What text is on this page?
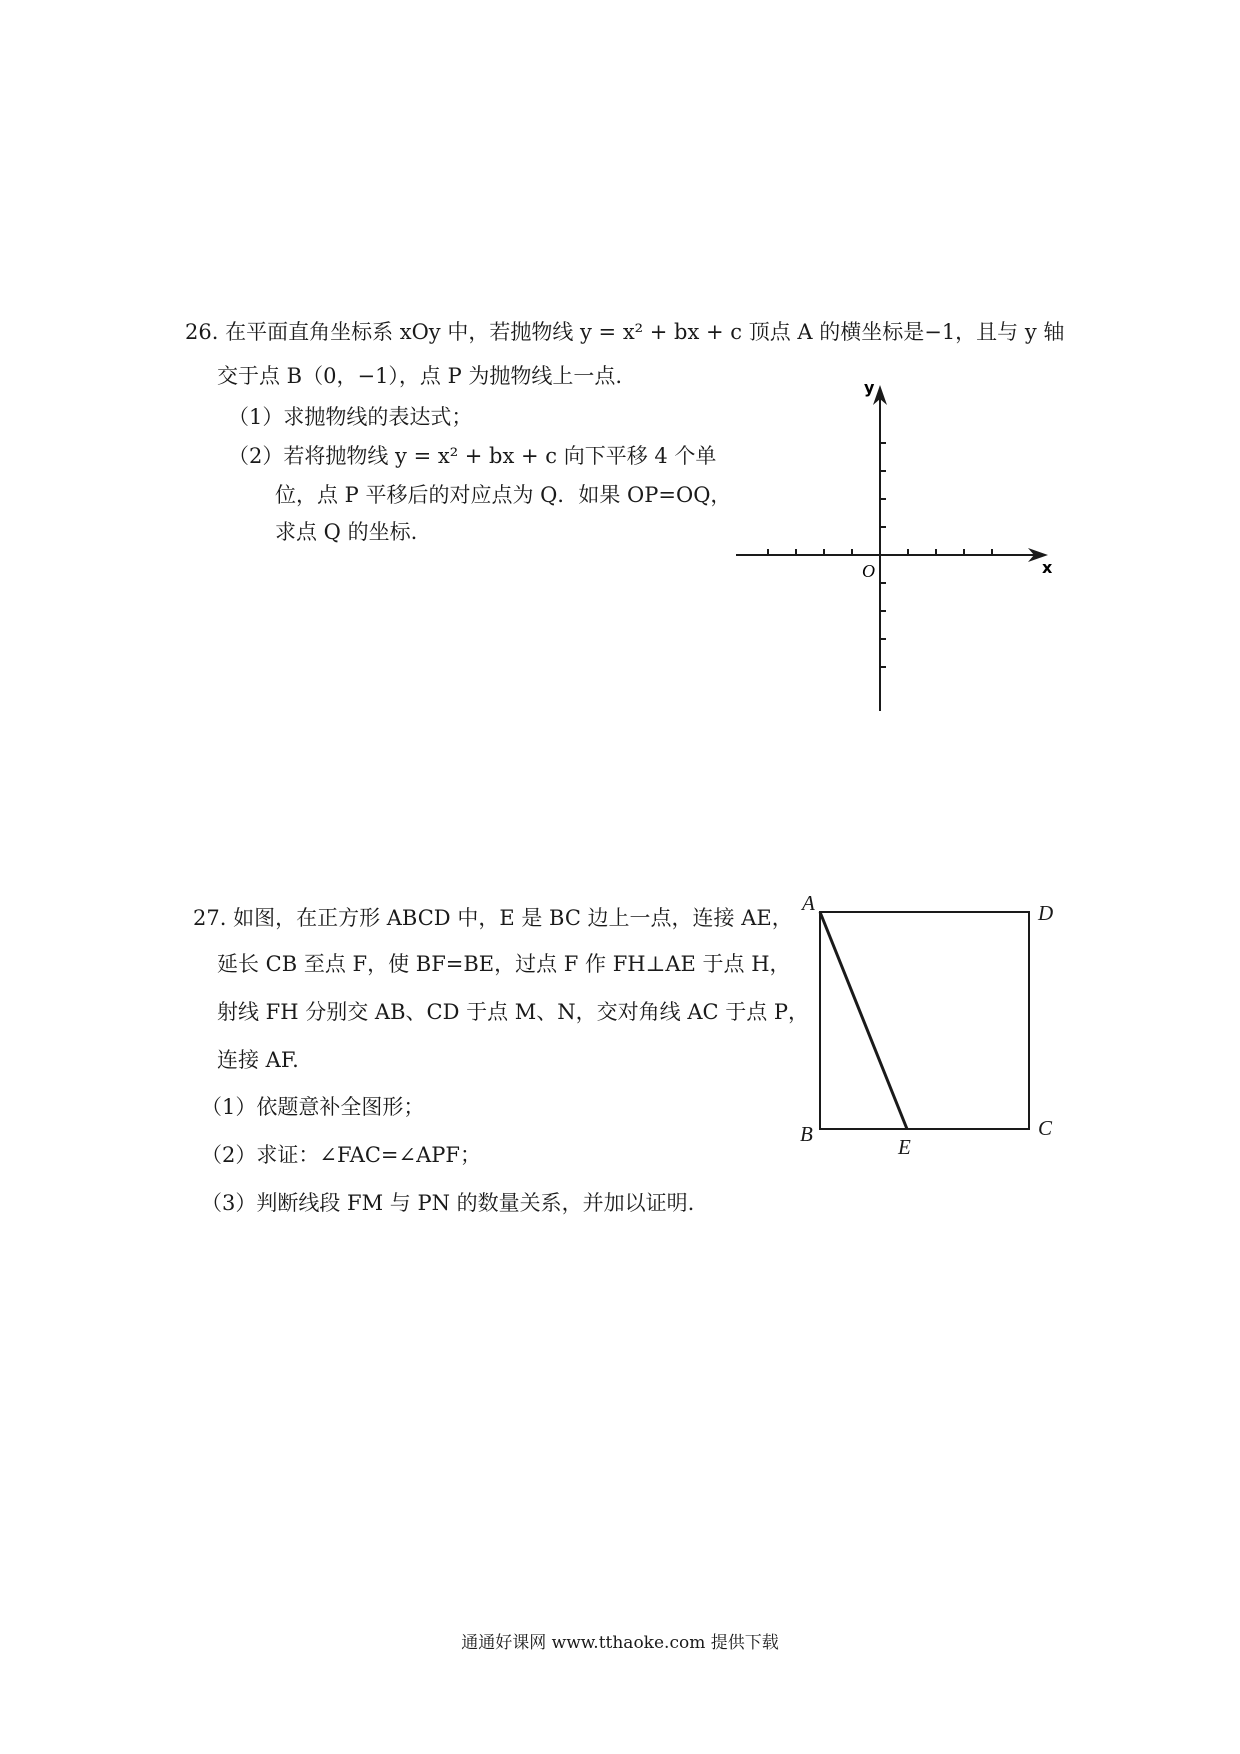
26. 在平面直角坐标系 xOy 中，若抛物线 y = x² + bx + c 顶点 A 的横坐标是−1，且与 y 轴
交于点 B（0，−1），点 P 为抛物线上一点.
（1）求抛物线的表达式；
（2）若将抛物线 y = x² + bx + c 向下平移 4 个单
位，点 P 平移后的对应点为 Q．如果 OP=OQ，
求点 Q 的坐标.
y
x
O
27. 如图，在正方形 ABCD 中，E 是 BC 边上一点，连接 AE，
延长 CB 至点 F，使 BF=BE，过点 F 作 FH⊥AE 于点 H，
射线 FH 分别交 AB、CD 于点 M、N，交对角线 AC 于点 P，
连接 AF.
（1）依题意补全图形；
（2）求证：∠FAC=∠APF；
（3）判断线段 FM 与 PN 的数量关系，并加以证明.
A
B	C
D
E
通通好课网 www.tthaoke.com 提供下载
